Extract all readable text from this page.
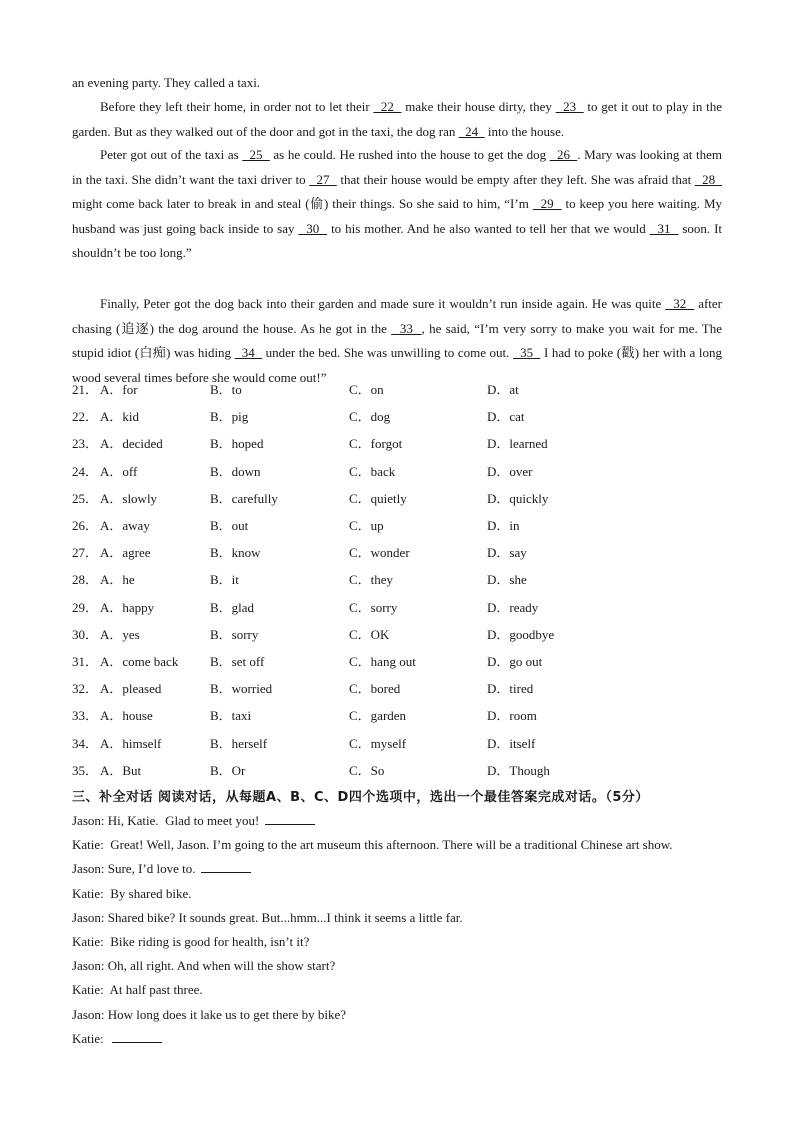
an evening party. They called a taxi.

Before they left their home, in order not to let their   22   make their house dirty, they   23   to get it out to play in the garden. But as they walked out of the door and got in the taxi, the dog ran   24   into the house.

Peter got out of the taxi as   25   as he could. He rushed into the house to get the dog   26  . Mary was looking at them in the taxi. She didn’t want the taxi driver to   27   that their house would be empty after they left. She was afraid that   28   might come back later to break in and steal (偷) their things. So she said to him, “I’m   29   to keep you here waiting. My husband was just going back inside to say   30   to his mother. And he also wanted to tell her that we would   31   soon. It shouldn’t be too long.”

Finally, Peter got the dog back into their garden and made sure it wouldn’t run inside again. He was quite   32   after chasing (追逐) the dog around the house. As he got in the   33  , he said, “I’m very sorry to make you wait for me. The stupid idiot (白痴) was hiding   34   under the bed. She was unwilling to come out.   35   I had to poke (戳) her with a long wood several times before she would come out!”

21． A．for	B．to	C．on	D．at
22． A．kid	B．pig	C．dog	D．cat
23． A．decided	B．hoped	C．forgot	D．learned
24． A．off	B．down	C．back	D．over
25． A．slowly	B．carefully	C．quietly	D．quickly
26． A．away	B．out	C．up	D．in
27． A．agree	B．know	C．wonder	D．say
28． A．he	B．it	C．they	D．she
29． A．happy	B．glad	C．sorry	D．ready
30． A．yes	B．sorry	C．OK	D．goodbye
31． A．come back B．set off	C．hang out	D．go out
32． A．pleased	B．worried	C．bored	D．tired
33． A．house	B．taxi	C．garden	D．room
34． A．himself	B．herself	C．myself	D．itself
35． A．But	B．Or	C．So	D．Though
三、补全对话 阅读对话，从每题A、B、C、D四个选项中，选出一个最佳答案完成对话。（5分）
Jason: Hi, Katie.  Glad to meet you!
Katie:  Great! Well, Jason. I’m going to the art museum this afternoon. There will be a traditional Chinese art show.
Jason: Sure, I’d love to.
Katie:  By shared bike.
Jason: Shared bike? It sounds great. But...hmm...I think it seems a little far.
Katie:  Bike riding is good for health, isn’t it?
Jason: Oh, all right. And when will the show start?
Katie:  At half past three.
Jason: How long does it lake us to get there by bike?
Katie:
